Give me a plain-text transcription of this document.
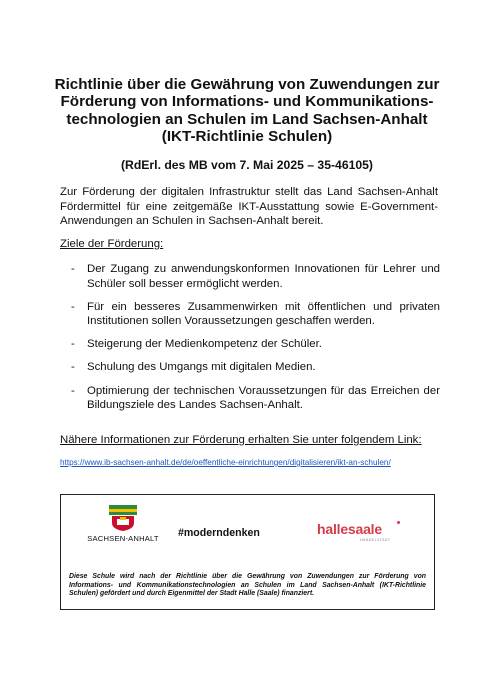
Richtlinie über die Gewährung von Zuwendungen zur Förderung von Informations- und Kommunikations-technologien an Schulen im Land Sachsen-Anhalt (IKT-Richtlinie Schulen)

(RdErl. des MB vom 7. Mai 2025 – 35-46105)

Zur Förderung der digitalen Infrastruktur stellt das Land Sachsen-Anhalt Fördermittel für eine zeitgemäße IKT-Ausstattung sowie E-Government-Anwendungen an Schulen in Sachsen-Anhalt bereit.

Ziele der Förderung:

- Der Zugang zu anwendungskonformen Innovationen für Lehrer und Schüler soll besser ermöglicht werden.
- Für ein besseres Zusammenwirken mit öffentlichen und privaten Institutionen sollen Voraussetzungen geschaffen werden.
- Steigerung der Medienkompetenz der Schüler.
- Schulung des Umgangs mit digitalen Medien.
- Optimierung der technischen Voraussetzungen für das Erreichen der Bildungsziele des Landes Sachsen-Anhalt.

Nähere Informationen zur Förderung erhalten Sie unter folgendem Link:

https://www.ib-sachsen-anhalt.de/de/oeffentliche-einrichtungen/digitalisieren/ikt-an-schulen/
SACHSEN-ANHALT	#moderndenken	hallesaale
HÄNDELSTADT

Diese Schule wird nach der Richtlinie über die Gewährung von Zuwendungen zur Förderung von Informations- und Kommunikationstechnologien an Schulen im Land Sachsen-Anhalt (IKT-Richtlinie Schulen) gefördert und durch Eigenmittel der Stadt Halle (Saale) finanziert.
